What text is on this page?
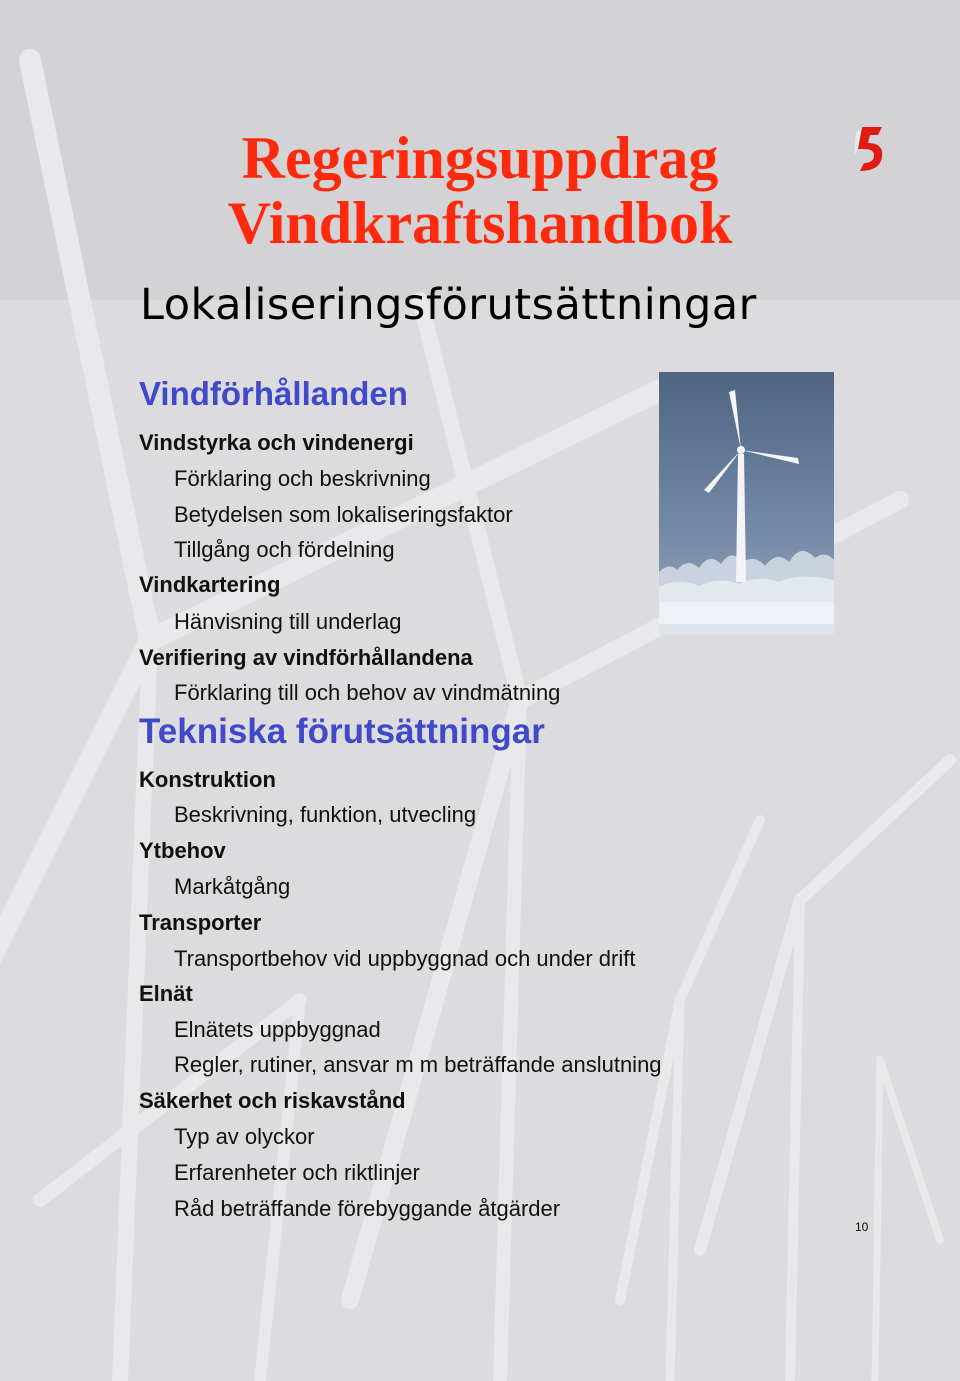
Regeringsuppdrag
Vindkraftshandbok
Lokaliseringsförutsättningar
Vindförhållanden
Vindstyrka och vindenergi
Förklaring och beskrivning
Betydelsen som lokaliseringsfaktor
Tillgång och fördelning
Vindkartering
Hänvisning till underlag
Verifiering av vindförhållandena
Förklaring till och behov av vindmätning
Tekniska förutsättningar
Konstruktion
Beskrivning, funktion, utvecling
Ytbehov
Markåtgång
Transporter
Transportbehov vid uppbyggnad och under drift
Elnät
Elnätets uppbyggnad
Regler, rutiner, ansvar m m beträffande anslutning
Säkerhet och riskavstånd
Typ av olyckor
Erfarenheter och riktlinjer
Råd beträffande förebyggande åtgärder
10
